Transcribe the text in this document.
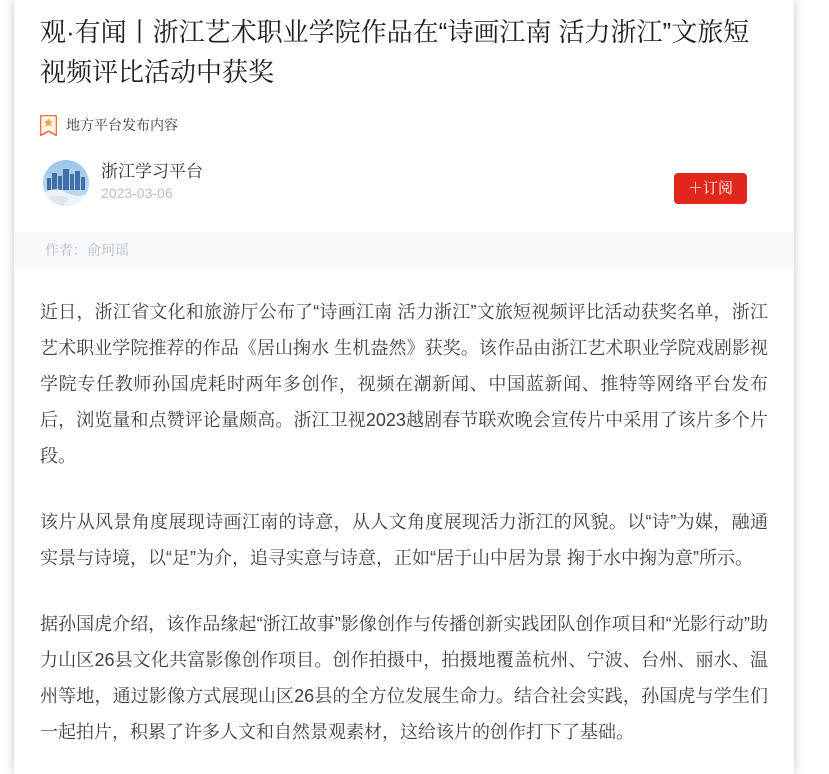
观·有闻丨浙江艺术职业学院作品在“诗画江南 活力浙江”文旅短视频评比活动中获奖
地方平台发布内容
浙江学习平台
2023-03-06	＋订阅
作者：俞珂瑶

近日，浙江省文化和旅游厅公布了“诗画江南 活力浙江”文旅短视频评比活动获奖名单，浙江艺术职业学院推荐的作品《居山掬水 生机盎然》获奖。该作品由浙江艺术职业学院戏剧影视学院专任教师孙国虎耗时两年多创作，视频在潮新闻、中国蓝新闻、推特等网络平台发布后，浏览量和点赞评论量颇高。浙江卫视2023越剧春节联欢晚会宣传片中采用了该片多个片段。

该片从风景角度展现诗画江南的诗意，从人文角度展现活力浙江的风貌。以“诗”为媒，融通实景与诗境，以“足”为介，追寻实意与诗意，正如“居于山中居为景 掬于水中掬为意”所示。

据孙国虎介绍，该作品缘起“浙江故事”影像创作与传播创新实践团队创作项目和“光影行动”助力山区26县文化共富影像创作项目。创作拍摄中，拍摄地覆盖杭州、宁波、台州、丽水、温州等地，通过影像方式展现山区26县的全方位发展生命力。结合社会实践，孙国虎与学生们一起拍片，积累了许多人文和自然景观素材，这给该片的创作打下了基础。
